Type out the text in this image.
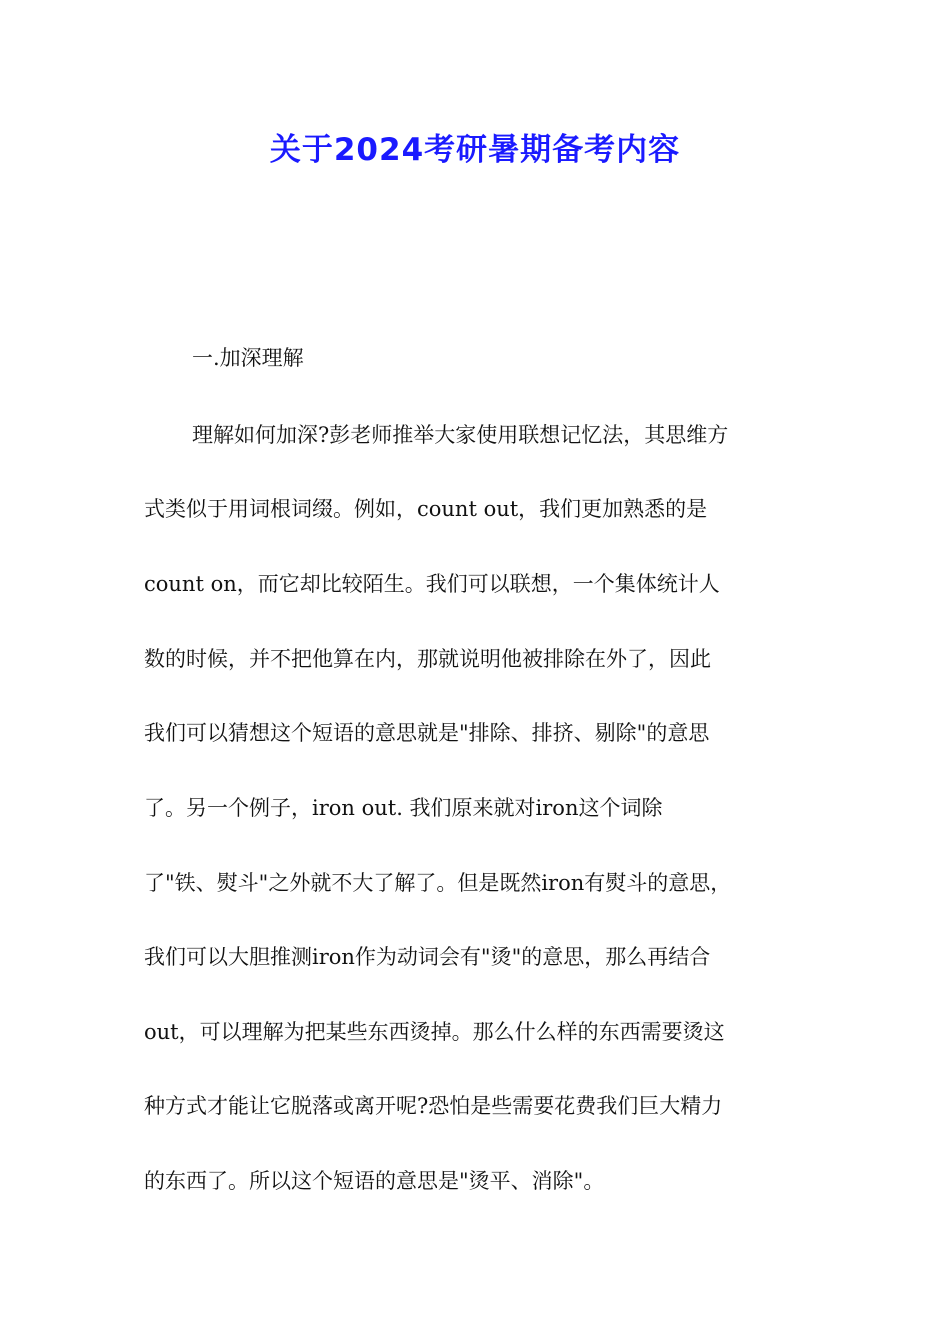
关于2024考研暑期备考内容
一.加深理解
理解如何加深?彭老师推举大家使用联想记忆法，其思维方
式类似于用词根词缀。例如，count out，我们更加熟悉的是
count on，而它却比较陌生。我们可以联想，一个集体统计人
数的时候，并不把他算在内，那就说明他被排除在外了，因此
我们可以猜想这个短语的意思就是"排除、排挤、剔除"的意思
了。另一个例子，iron out. 我们原来就对iron这个词除
了"铁、熨斗"之外就不大了解了。但是既然iron有熨斗的意思，
我们可以大胆推测iron作为动词会有"烫"的意思，那么再结合
out，可以理解为把某些东西烫掉。那么什么样的东西需要烫这
种方式才能让它脱落或离开呢?恐怕是些需要花费我们巨大精力
的东西了。所以这个短语的意思是"烫平、消除"。
